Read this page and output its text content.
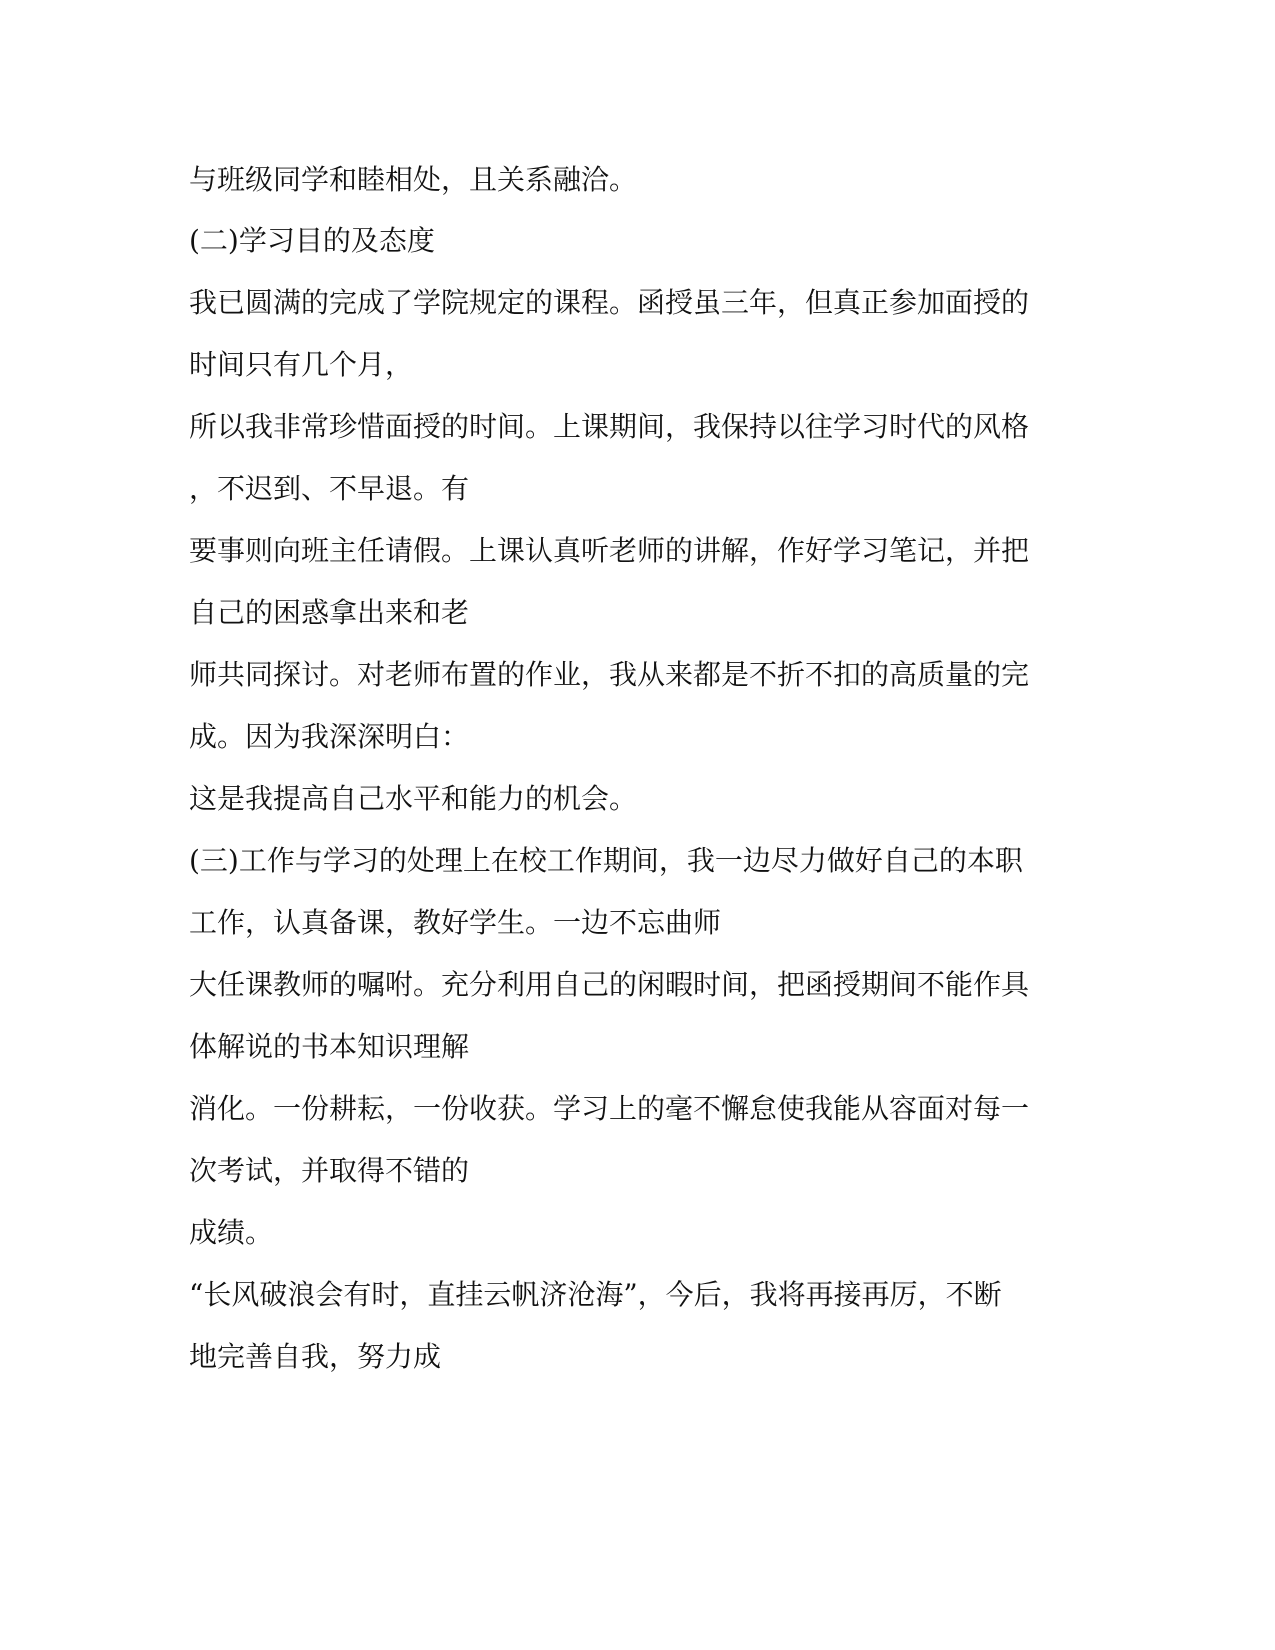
与班级同学和睦相处，且关系融洽。

(二)学习目的及态度

我已圆满的完成了学院规定的课程。函授虽三年，但真正参加面授的

时间只有几个月，

所以我非常珍惜面授的时间。上课期间，我保持以往学习时代的风格

，不迟到、不早退。有

要事则向班主任请假。上课认真听老师的讲解，作好学习笔记，并把

自己的困惑拿出来和老

师共同探讨。对老师布置的作业，我从来都是不折不扣的高质量的完

成。因为我深深明白：

这是我提高自己水平和能力的机会。

(三)工作与学习的处理上在校工作期间，我一边尽力做好自己的本职

工作，认真备课，教好学生。一边不忘曲师

大任课教师的嘱咐。充分利用自己的闲暇时间，把函授期间不能作具

体解说的书本知识理解

消化。一份耕耘，一份收获。学习上的毫不懈怠使我能从容面对每一

次考试，并取得不错的

成绩。

“长风破浪会有时，直挂云帆济沧海”，今后，我将再接再厉，不断

地完善自我，努力成
